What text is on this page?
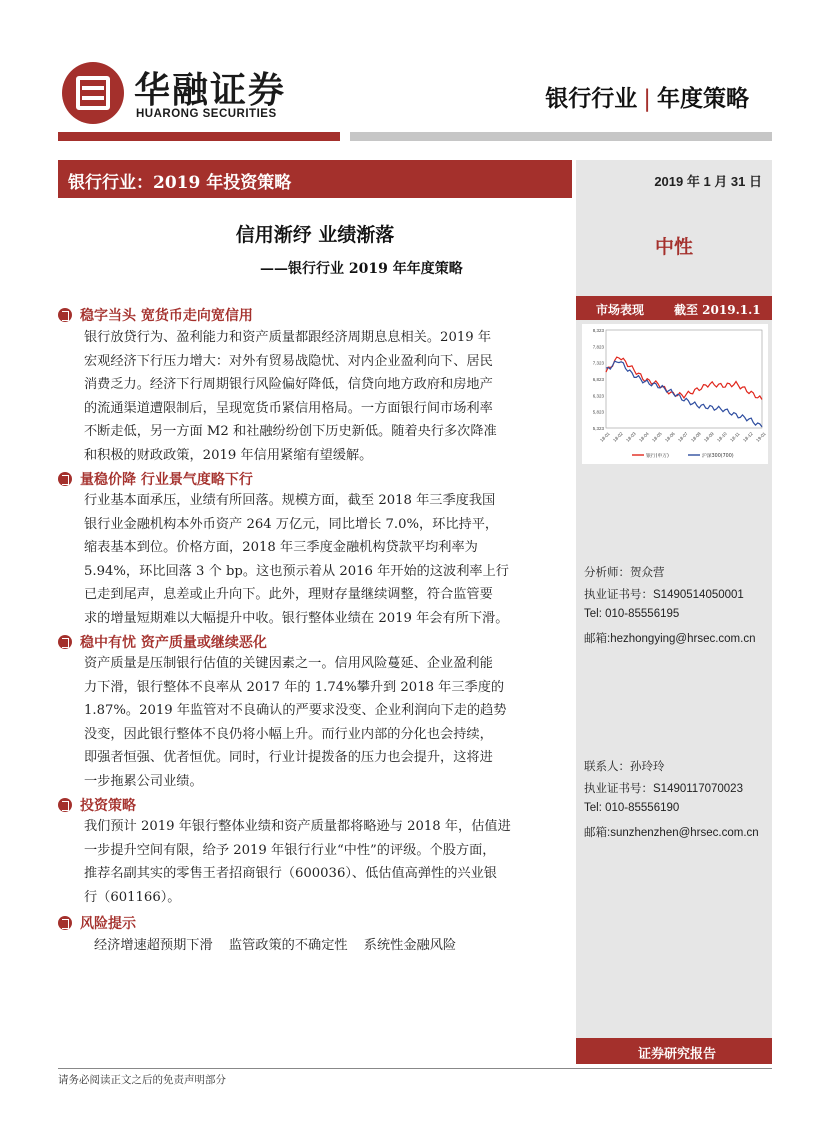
华融证券
HUARONG SECURITIES
银行行业 | 年度策略
银行行业：2019 年投资策略	2019 年 1 月 31 日
中性
市场表现 截至 2019.1.1
8,323
7,823
7,323
6,823
6,323
5,823
5,323
18-01 18-02 18-03 18-04 18-05 18-06 18-07 18-08 18-09 18-10 18-11 18-12 19-01
银行(申万)	沪深300(700)
分析师：贺众营
执业证书号：S1490514050001
Tel: 010-85556195
邮箱:hezhongying@hrsec.com.cn
联系人：孙玲玲
执业证书号：S1490117070023
Tel: 010-85556190
邮箱:sunzhenzhen@hrsec.com.cn
证券研究报告
信用渐纾 业绩渐落
——银行行业 2019 年年度策略
稳字当头 宽货币走向宽信用
银行放贷行为、盈利能力和资产质量都跟经济周期息息相关。2019 年
宏观经济下行压力增大：对外有贸易战隐忧、对内企业盈利向下、居民
消费乏力。经济下行周期银行风险偏好降低，信贷向地方政府和房地产
的流通渠道遭限制后，呈现宽货币紧信用格局。一方面银行间市场利率
不断走低，另一方面 M2 和社融纷纷创下历史新低。随着央行多次降准
和积极的财政政策，2019 年信用紧缩有望缓解。
量稳价降 行业景气度略下行
行业基本面承压，业绩有所回落。规模方面，截至 2018 年三季度我国
银行业金融机构本外币资产 264 万亿元，同比增长 7.0%，环比持平，
缩表基本到位。价格方面，2018 年三季度金融机构贷款平均利率为
5.94%，环比回落 3 个 bp。这也预示着从 2016 年开始的这波利率上行
已走到尾声，息差或止升向下。此外，理财存量继续调整，符合监管要
求的增量短期难以大幅提升中收。银行整体业绩在 2019 年会有所下滑。
稳中有忧 资产质量或继续恶化
资产质量是压制银行估值的关键因素之一。信用风险蔓延、企业盈利能
力下滑，银行整体不良率从 2017 年的 1.74%攀升到 2018 年三季度的
1.87%。2019 年监管对不良确认的严要求没变、企业利润向下走的趋势
没变，因此银行整体不良仍将小幅上升。而行业内部的分化也会持续，
即强者恒强、优者恒优。同时，行业计提拨备的压力也会提升，这将进
一步拖累公司业绩。
投资策略
我们预计 2019 年银行整体业绩和资产质量都将略逊与 2018 年，估值进
一步提升空间有限，给予 2019 年银行行业“中性”的评级。个股方面，
推荐名副其实的零售王者招商银行（600036）、低估值高弹性的兴业银
行（601166）。
风险提示
经济增速超预期下滑 监管政策的不确定性 系统性金融风险
请务必阅读正文之后的免责声明部分
